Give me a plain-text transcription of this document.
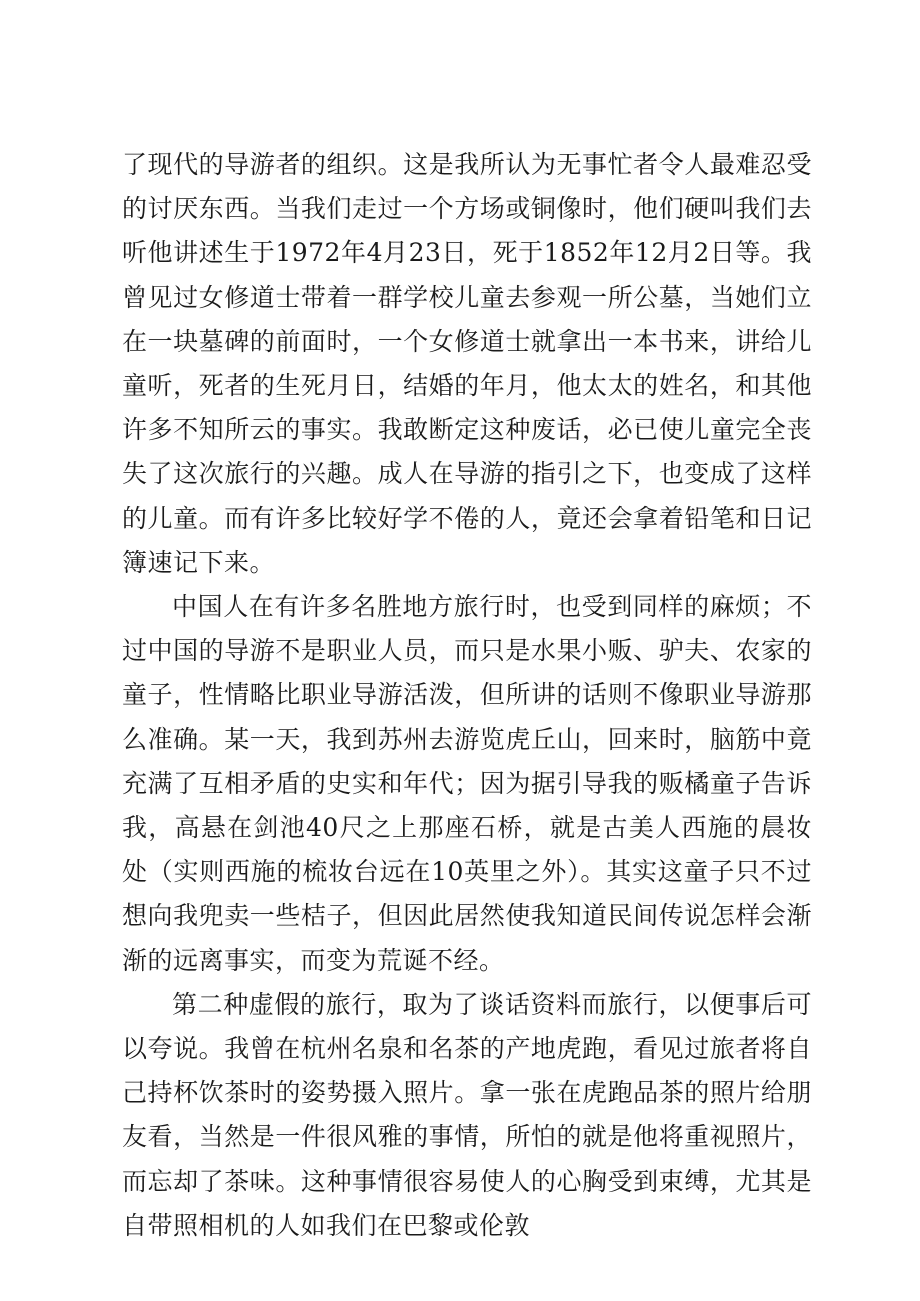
了现代的导游者的组织。这是我所认为无事忙者令人最难忍受的讨厌东西。当我们走过一个方场或铜像时，他们硬叫我们去听他讲述生于1972年4月23日，死于1852年12月2日等。我曾见过女修道士带着一群学校儿童去参观一所公墓，当她们立在一块墓碑的前面时，一个女修道士就拿出一本书来，讲给儿童听，死者的生死月日，结婚的年月，他太太的姓名，和其他许多不知所云的事实。我敢断定这种废话，必已使儿童完全丧失了这次旅行的兴趣。成人在导游的指引之下，也变成了这样的儿童。而有许多比较好学不倦的人，竟还会拿着铅笔和日记簿速记下来。

中国人在有许多名胜地方旅行时，也受到同样的麻烦；不过中国的导游不是职业人员，而只是水果小贩、驴夫、农家的童子，性情略比职业导游活泼，但所讲的话则不像职业导游那么准确。某一天，我到苏州去游览虎丘山，回来时，脑筋中竟充满了互相矛盾的史实和年代；因为据引导我的贩橘童子告诉我，高悬在剑池40尺之上那座石桥，就是古美人西施的晨妆处（实则西施的梳妆台远在10英里之外）。其实这童子只不过想向我兜卖一些桔子，但因此居然使我知道民间传说怎样会渐渐的远离事实，而变为荒诞不经。

第二种虚假的旅行，取为了谈话资料而旅行，以便事后可以夸说。我曾在杭州名泉和名茶的产地虎跑，看见过旅者将自己持杯饮茶时的姿势摄入照片。拿一张在虎跑品茶的照片给朋友看，当然是一件很风雅的事情，所怕的就是他将重视照片，而忘却了茶味。这种事情很容易使人的心胸受到束缚，尤其是自带照相机的人如我们在巴黎或伦敦
